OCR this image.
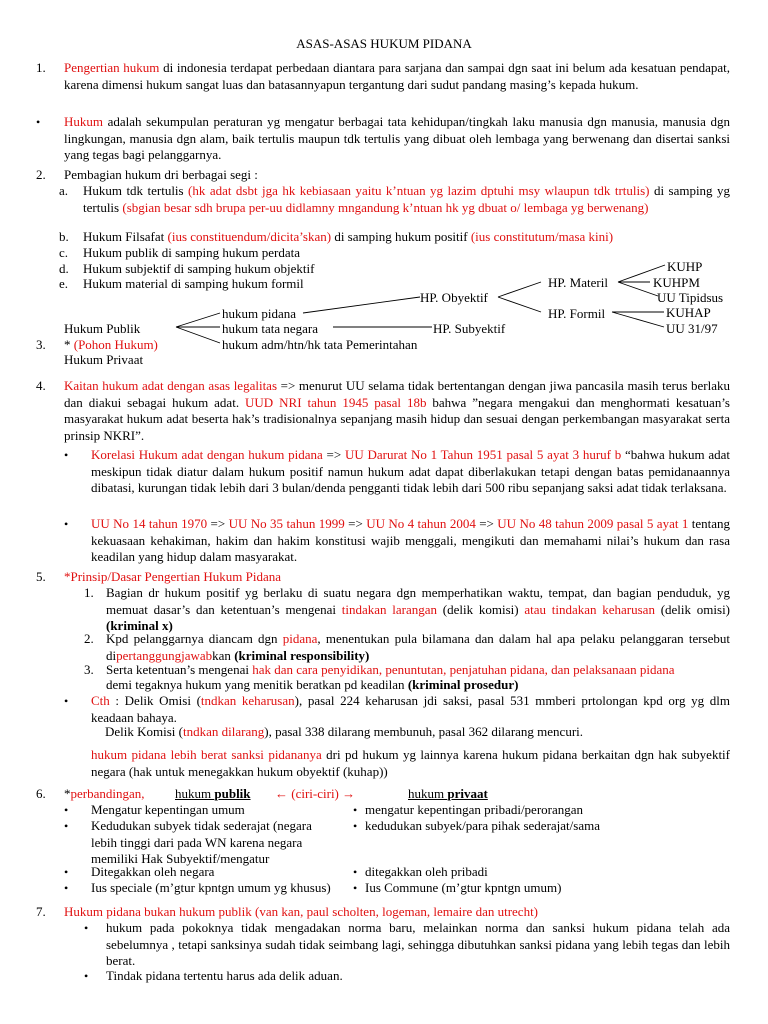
ASAS-ASAS HUKUM PIDANA
1. Pengertian hukum di indonesia terdapat perbedaan diantara para sarjana dan sampai dgn saat ini belum ada kesatuan pendapat, karena dimensi hukum sangat luas dan batasannyapun tergantung dari sudut pandang masing’s kepada hukum.
• Hukum adalah sekumpulan peraturan yg mengatur berbagai tata kehidupan/tingkah laku manusia dgn manusia, manusia dgn lingkungan, manusia dgn alam, baik tertulis maupun tdk tertulis yang dibuat oleh lembaga yang berwenang dan disertai sanksi yang tegas bagi pelanggarnya.
2. Pembagian hukum dri berbagai segi :
a. Hukum tdk tertulis (hk adat dsbt jga hk kebiasaan yaitu k’ntuan yg lazim dptuhi msy wlaupun tdk trtulis) di samping yg tertulis (sbgian besar sdh brupa per-uu didlamny mngandung k’ntuan hk yg dbuat o/ lembaga yg berwenang)
b. Hukum Filsafat (ius constituendum/dicita’skan) di samping hukum positif (ius constitutum/masa kini)
c. Hukum publik di samping hukum perdata
d. Hukum subjektif di samping hukum objektif
e. Hukum material di samping hukum formil
KUHP
HP. Materil	KUHPM
HP. Obyektif	UU Tipidsus
hukum pidana	HP. Formil	KUHAP
Hukum Publik	hukum tata negara	HP. Subyektif	UU 31/97
3. * (Pohon Hukum)	hukum adm/htn/hk tata Pemerintahan
Hukum Privaat
4. Kaitan hukum adat dengan asas legalitas => menurut UU selama tidak bertentangan dengan jiwa pancasila masih terus berlaku dan diakui sebagai hukum adat. UUD NRI tahun 1945 pasal 18b bahwa ”negara mengakui dan menghormati kesatuan’s masyarakat hukum adat beserta hak’s tradisionalnya sepanjang masih hidup dan sesuai dengan perkembangan masyarakat serta prinsip NKRI”.
• Korelasi Hukum adat dengan hukum pidana => UU Darurat No 1 Tahun 1951 pasal 5 ayat 3 huruf b “bahwa hukum adat meskipun tidak diatur dalam hukum positif namun hukum adat dapat diberlakukan tetapi dengan batas pemidanaannya dibatasi, kurungan tidak lebih dari 3 bulan/denda pengganti tidak lebih dari 500 ribu sepanjang saksi adat tidak terlaksana.
• UU No 14 tahun 1970 => UU No 35 tahun 1999 => UU No 4 tahun 2004 => UU No 48 tahun 2009 pasal 5 ayat 1 tentang kekuasaan kehakiman, hakim dan hakim konstitusi wajib menggali, mengikuti dan memahami nilai’s hukum dan rasa keadilan yang hidup dalam masyarakat.
5. *Prinsip/Dasar Pengertian Hukum Pidana
1. Bagian dr hukum positif yg berlaku di suatu negara dgn memperhatikan waktu, tempat, dan bagian penduduk, yg memuat dasar’s dan ketentuan’s mengenai tindakan larangan (delik komisi) atau tindakan keharusan (delik omisi) (kriminal x)
2. Kpd pelanggarnya diancam dgn pidana, menentukan pula bilamana dan dalam hal apa pelaku pelanggaran tersebut dipertanggungjawabkan (kriminal responsibility)
3. Serta ketentuan’s mengenai hak dan cara penyidikan, penuntutan, penjatuhan pidana, dan pelaksanaan pidana
demi tegaknya hukum yang menitik beratkan pd keadilan (kriminal prosedur)
• Cth : Delik Omisi (tndkan keharusan), pasal 224 keharusan jdi saksi, pasal 531 mmberi prtolongan kpd org yg dlm keadaan bahaya.
Delik Komisi (tndkan dilarang), pasal 338 dilarang membunuh, pasal 362 dilarang mencuri.
hukum pidana lebih berat sanksi pidananya dri pd hukum yg lainnya karena hukum pidana berkaitan dgn hak subyektif negara (hak untuk menegakkan hukum obyektif (kuhap))
6. *perbandingan, hukum publik ← (ciri-ciri) →	hukum privaat
• Mengatur kepentingan umum	• mengatur kepentingan pribadi/perorangan
• Kedudukan subyek tidak sederajat (negara lebih tinggi dari pada WN karena negara memiliki Hak Subyektif/mengatur
• kedudukan subyek/para pihak sederajat/sama
• Ditegakkan oleh negara	• ditegakkan oleh pribadi
• Ius speciale (m’gtur kpntgn umum yg khusus) • Ius Commune (m’gtur kpntgn umum)
7. Hukum pidana bukan hukum publik (van kan, paul scholten, logeman, lemaire dan utrecht)
• hukum pada pokoknya tidak mengadakan norma baru, melainkan norma dan sanksi hukum pidana telah ada sebelumnya , tetapi sanksinya sudah tidak seimbang lagi, sehingga dibutuhkan sanksi pidana yang lebih tegas dan lebih berat.
• Tindak pidana tertentu harus ada delik aduan.
